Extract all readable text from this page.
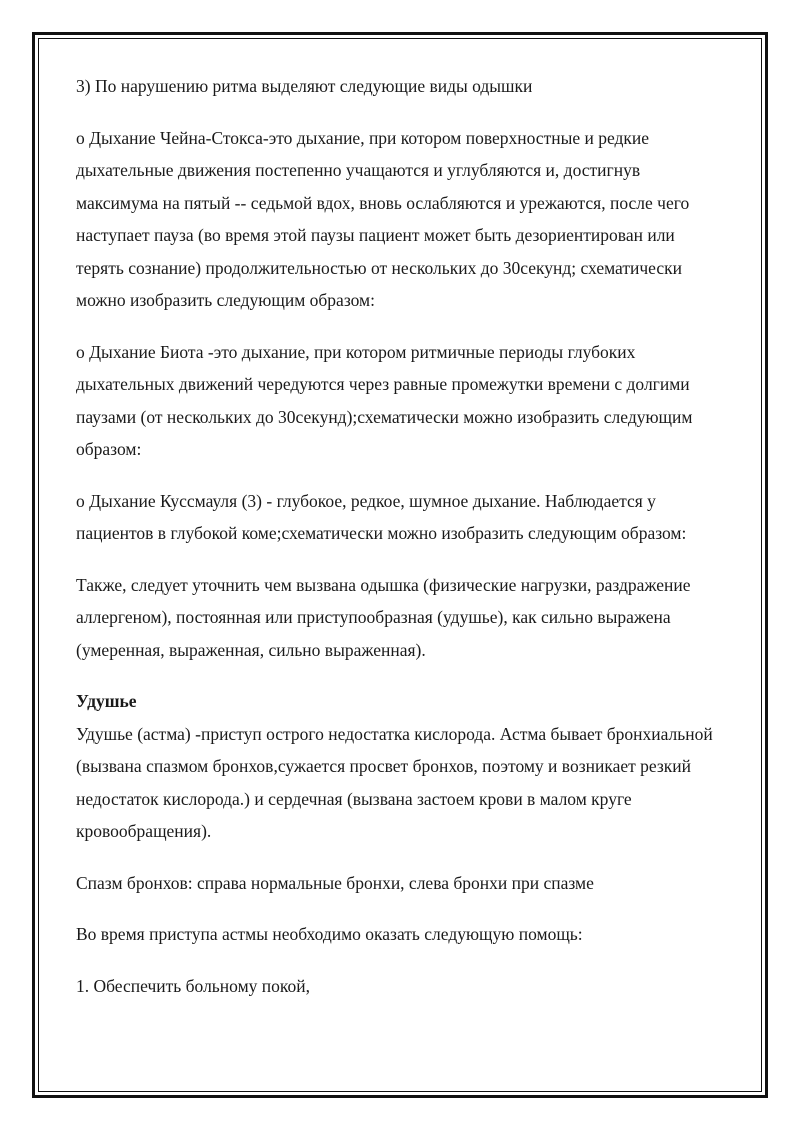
3) По нарушению ритма выделяют следующие виды одышки

o Дыхание Чейна-Стокса-это дыхание, при котором поверхностные и редкие дыхательные движения постепенно учащаются и углубляются и, достигнув максимума на пятый -- седьмой вдох, вновь ослабляются и урежаются, после чего наступает пауза (во время этой паузы пациент может быть дезориентирован или терять сознание) продолжительностью от нескольких до 30секунд; схематически можно изобразить следующим образом:

o Дыхание Биота -это дыхание, при котором ритмичные периоды глубоких дыхательных движений чередуются через равные промежутки времени с долгими паузами (от нескольких до 30секунд);схематически можно изобразить следующим образом:

o Дыхание Куссмауля (3) - глубокое, редкое, шумное дыхание. Наблюдается у пациентов в глубокой коме;схематически можно изобразить следующим образом:

Также, следует уточнить чем вызвана одышка (физические нагрузки, раздражение аллергеном), постоянная или приступообразная (удушье), как сильно выражена (умеренная, выраженная, сильно выраженная).

Удушье

Удушье (астма) -приступ острого недостатка кислорода. Астма бывает бронхиальной (вызвана спазмом бронхов,сужается просвет бронхов, поэтому и возникает резкий недостаток кислорода.) и сердечная (вызвана застоем крови в малом круге кровообращения).

Спазм бронхов: справа нормальные бронхи, слева бронхи при спазме

Во время приступа астмы необходимо оказать следующую помощь:

1. Обеспечить больному покой,
